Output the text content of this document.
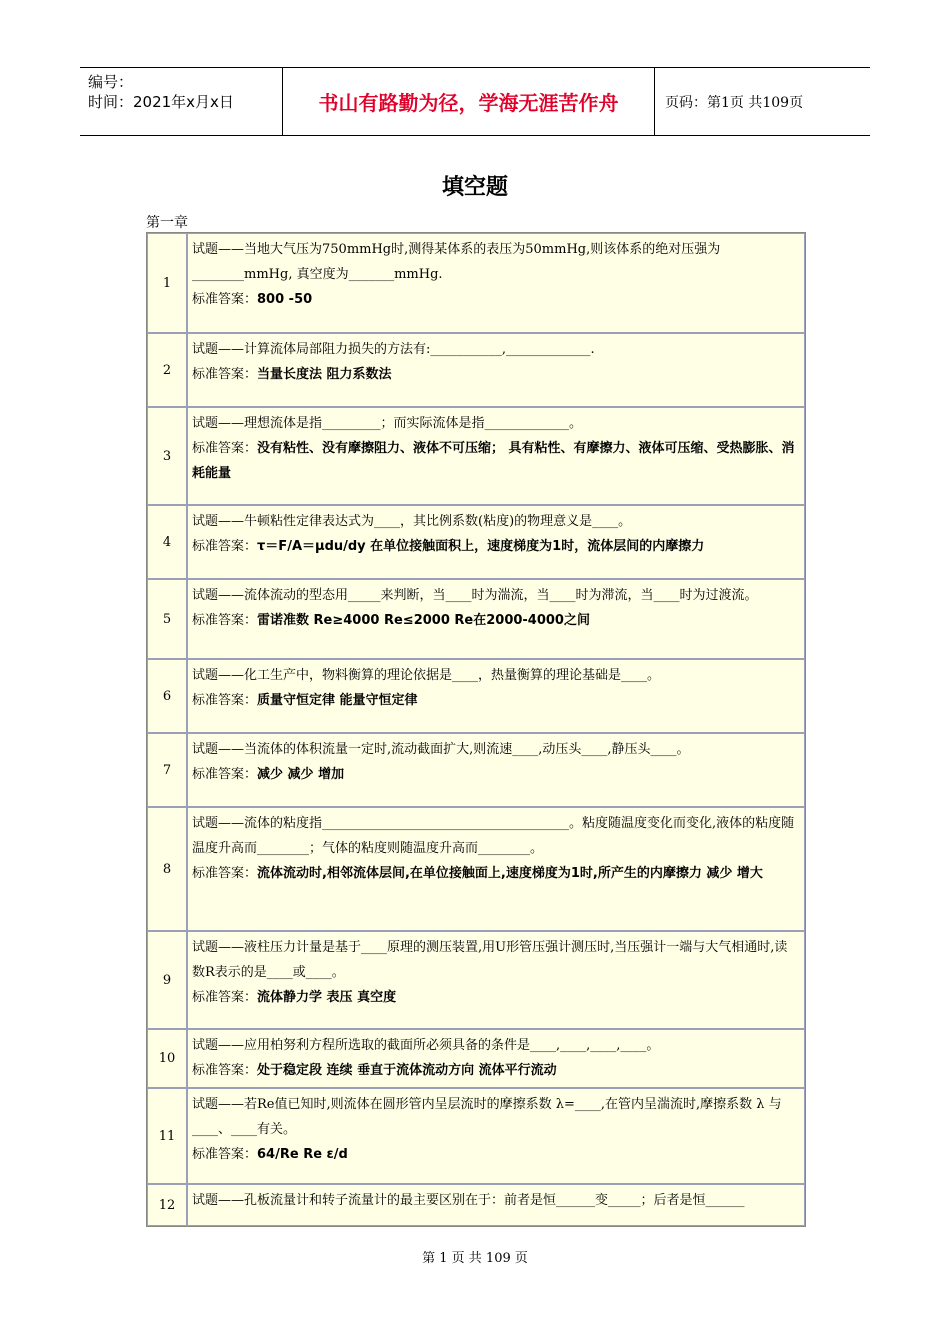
编号：
时间：2021年x月x日	书山有路勤为径，学海无涯苦作舟	页码：第1页 共109页
填空题
第一章
1	试题——当地大气压为750mmHg时,测得某体系的表压为50mmHg,则该体系的绝对压强为________mmHg, 真空度为_______mmHg.
标准答案：800 -50

2	试题——计算流体局部阻力损失的方法有:___________,_____________.
标准答案：当量长度法 阻力系数法

3	试题——理想流体是指_________；而实际流体是指_____________。
标准答案：没有粘性、没有摩擦阻力、液体不可压缩； 具有粘性、有摩擦力、液体可压缩、受热膨胀、消耗能量

4	试题——牛顿粘性定律表达式为____，其比例系数(粘度)的物理意义是____。
标准答案：τ＝F/A＝μdu/dy 在单位接触面积上，速度梯度为1时，流体层间的内摩擦力

5	试题——流体流动的型态用_____来判断，当____时为湍流，当____时为滞流，当____时为过渡流。
标准答案：雷诺准数 Re≥4000 Re≤2000 Re在2000-4000之间

6	试题——化工生产中，物料衡算的理论依据是____，热量衡算的理论基础是____。
标准答案：质量守恒定律 能量守恒定律

7	试题——当流体的体积流量一定时,流动截面扩大,则流速____,动压头____,静压头____。
标准答案：减少 减少 增加

8	试题——流体的粘度指______________________________________。粘度随温度变化而变化,液体的粘度随温度升高而________；气体的粘度则随温度升高而________。
标准答案：流体流动时,相邻流体层间,在单位接触面上,速度梯度为1时,所产生的内摩擦力 减少 增大

9	试题——液柱压力计量是基于____原理的测压装置,用U形管压强计测压时,当压强计一端与大气相通时,读数R表示的是____或____。
标准答案：流体静力学 表压 真空度

10	试题——应用柏努利方程所选取的截面所必须具备的条件是____,____,____,____。
标准答案：处于稳定段 连续 垂直于流体流动方向 流体平行流动

11	试题——若Re值已知时,则流体在圆形管内呈层流时的摩擦系数 λ=____,在管内呈湍流时,摩擦系数 λ 与____、____有关。
标准答案：64/Re Re ε/d

12	试题——孔板流量计和转子流量计的最主要区别在于：前者是恒______变_____；后者是恒______
第 1 页 共 109 页
